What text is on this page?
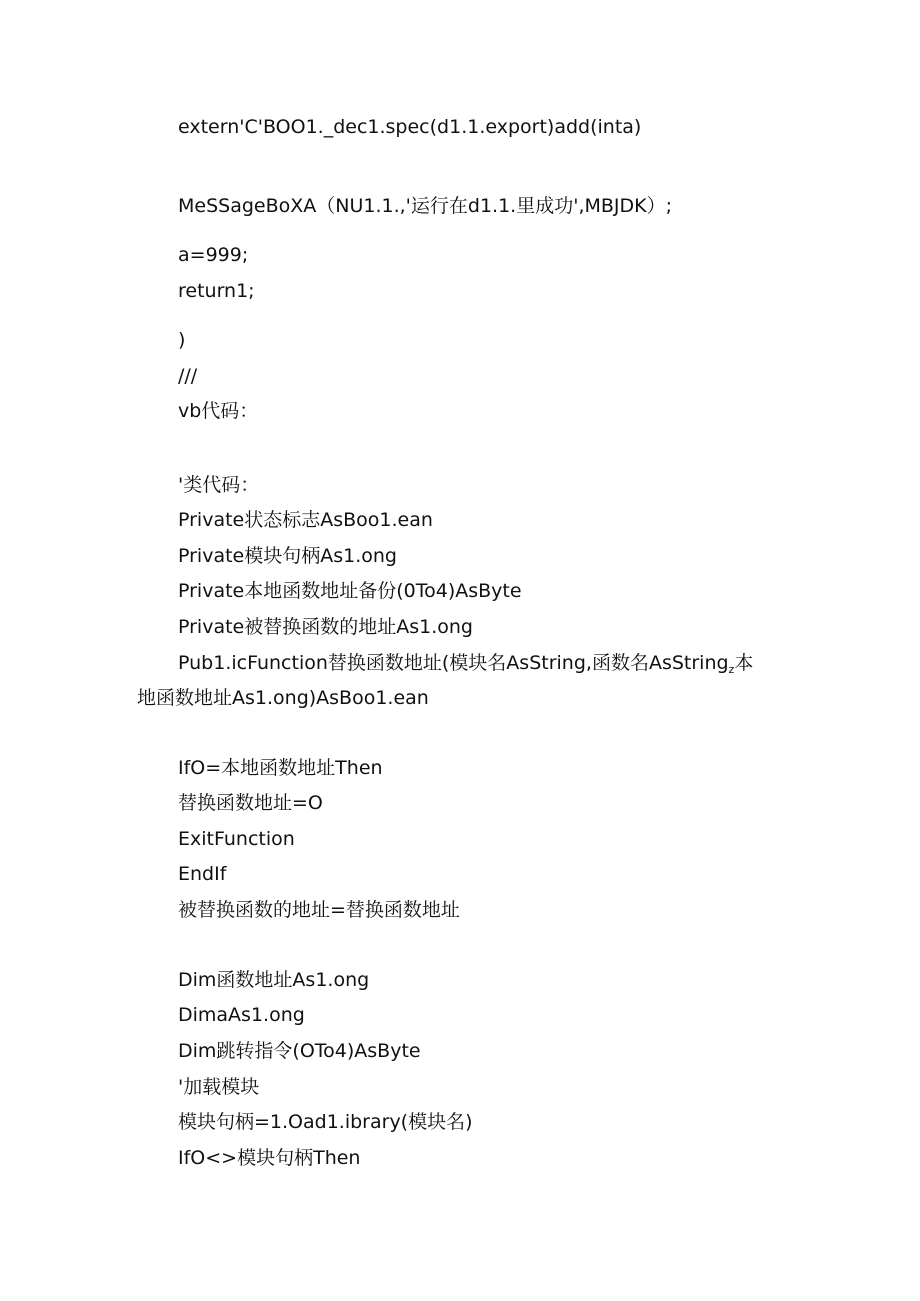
extern'C'BOO1._dec1.spec(d1.1.export)add(inta)
MeSSageBoXA（NU1.1.,'运行在d1.1.里成功',MBJDK）;
a=999;
return1;
)
///
vb代码：
'类代码：
Private状态标志AsBoo1.ean
Private模块句柄As1.ong
Private本地函数地址备份(0To4)AsByte
Private被替换函数的地址As1.ong
Pub1.icFunction替换函数地址(模块名AsString,函数名AsString$_z$本
地函数地址As1.ong)AsBoo1.ean
IfO=本地函数地址Then
替换函数地址=O
ExitFunction
EndIf
被替换函数的地址=替换函数地址
Dim函数地址As1.ong
DimaAs1.ong
Dim跳转指令(OTo4)AsByte
'加载模块
模块句柄=1.Oad1.ibrary(模块名)
IfO<>模块句柄Then
